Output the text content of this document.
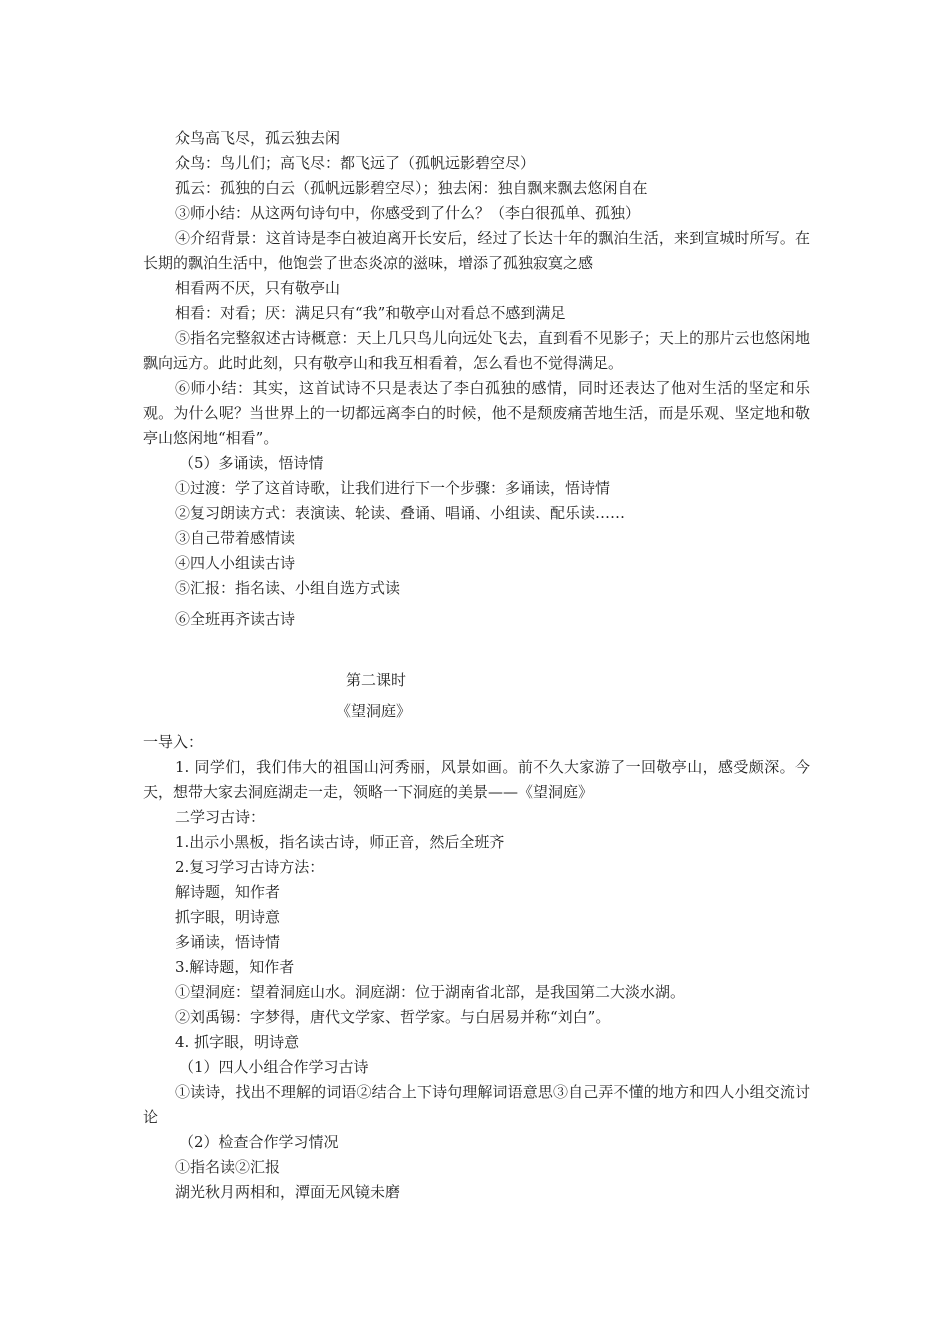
众鸟高飞尽，孤云独去闲

众鸟：鸟儿们；高飞尽：都飞远了（孤帆远影碧空尽）

孤云：孤独的白云（孤帆远影碧空尽）；独去闲：独自飘来飘去悠闲自在

③师小结：从这两句诗句中，你感受到了什么？（李白很孤单、孤独）

④介绍背景：这首诗是李白被迫离开长安后，经过了长达十年的飘泊生活，来到宣城时所写。在长期的飘泊生活中，他饱尝了世态炎凉的滋味，增添了孤独寂寞之感

相看两不厌，只有敬亭山

相看：对看；厌：满足只有“我”和敬亭山对看总不感到满足

⑤指名完整叙述古诗概意：天上几只鸟儿向远处飞去，直到看不见影子；天上的那片云也悠闲地飘向远方。此时此刻，只有敬亭山和我互相看着，怎么看也不觉得满足。

⑥师小结：其实，这首试诗不只是表达了李白孤独的感情，同时还表达了他对生活的坚定和乐观。为什么呢？当世界上的一切都远离李白的时候，他不是颓废痛苦地生活，而是乐观、坚定地和敬亭山悠闲地“相看”。

（5）多诵读，悟诗情

①过渡：学了这首诗歌，让我们进行下一个步骤：多诵读，悟诗情

②复习朗读方式：表演读、轮读、叠诵、唱诵、小组读、配乐读……

③自己带着感情读

④四人小组读古诗

⑤汇报：指名读、小组自选方式读

⑥全班再齐读古诗

第二课时

《望洞庭》

一导入：

1. 同学们，我们伟大的祖国山河秀丽，风景如画。前不久大家游了一回敬亭山，感受颇深。今天，想带大家去洞庭湖走一走，领略一下洞庭的美景——《望洞庭》

二学习古诗：

1.出示小黑板，指名读古诗，师正音，然后全班齐

2.复习学习古诗方法：

解诗题，知作者

抓字眼，明诗意

多诵读，悟诗情

3.解诗题，知作者

①望洞庭：望着洞庭山水。洞庭湖：位于湖南省北部，是我国第二大淡水湖。

②刘禹锡：字梦得，唐代文学家、哲学家。与白居易并称“刘白”。

4. 抓字眼，明诗意

（1）四人小组合作学习古诗

①读诗，找出不理解的词语②结合上下诗句理解词语意思③自己弄不懂的地方和四人小组交流讨论

（2）检查合作学习情况

①指名读②汇报

湖光秋月两相和，潭面无风镜未磨
